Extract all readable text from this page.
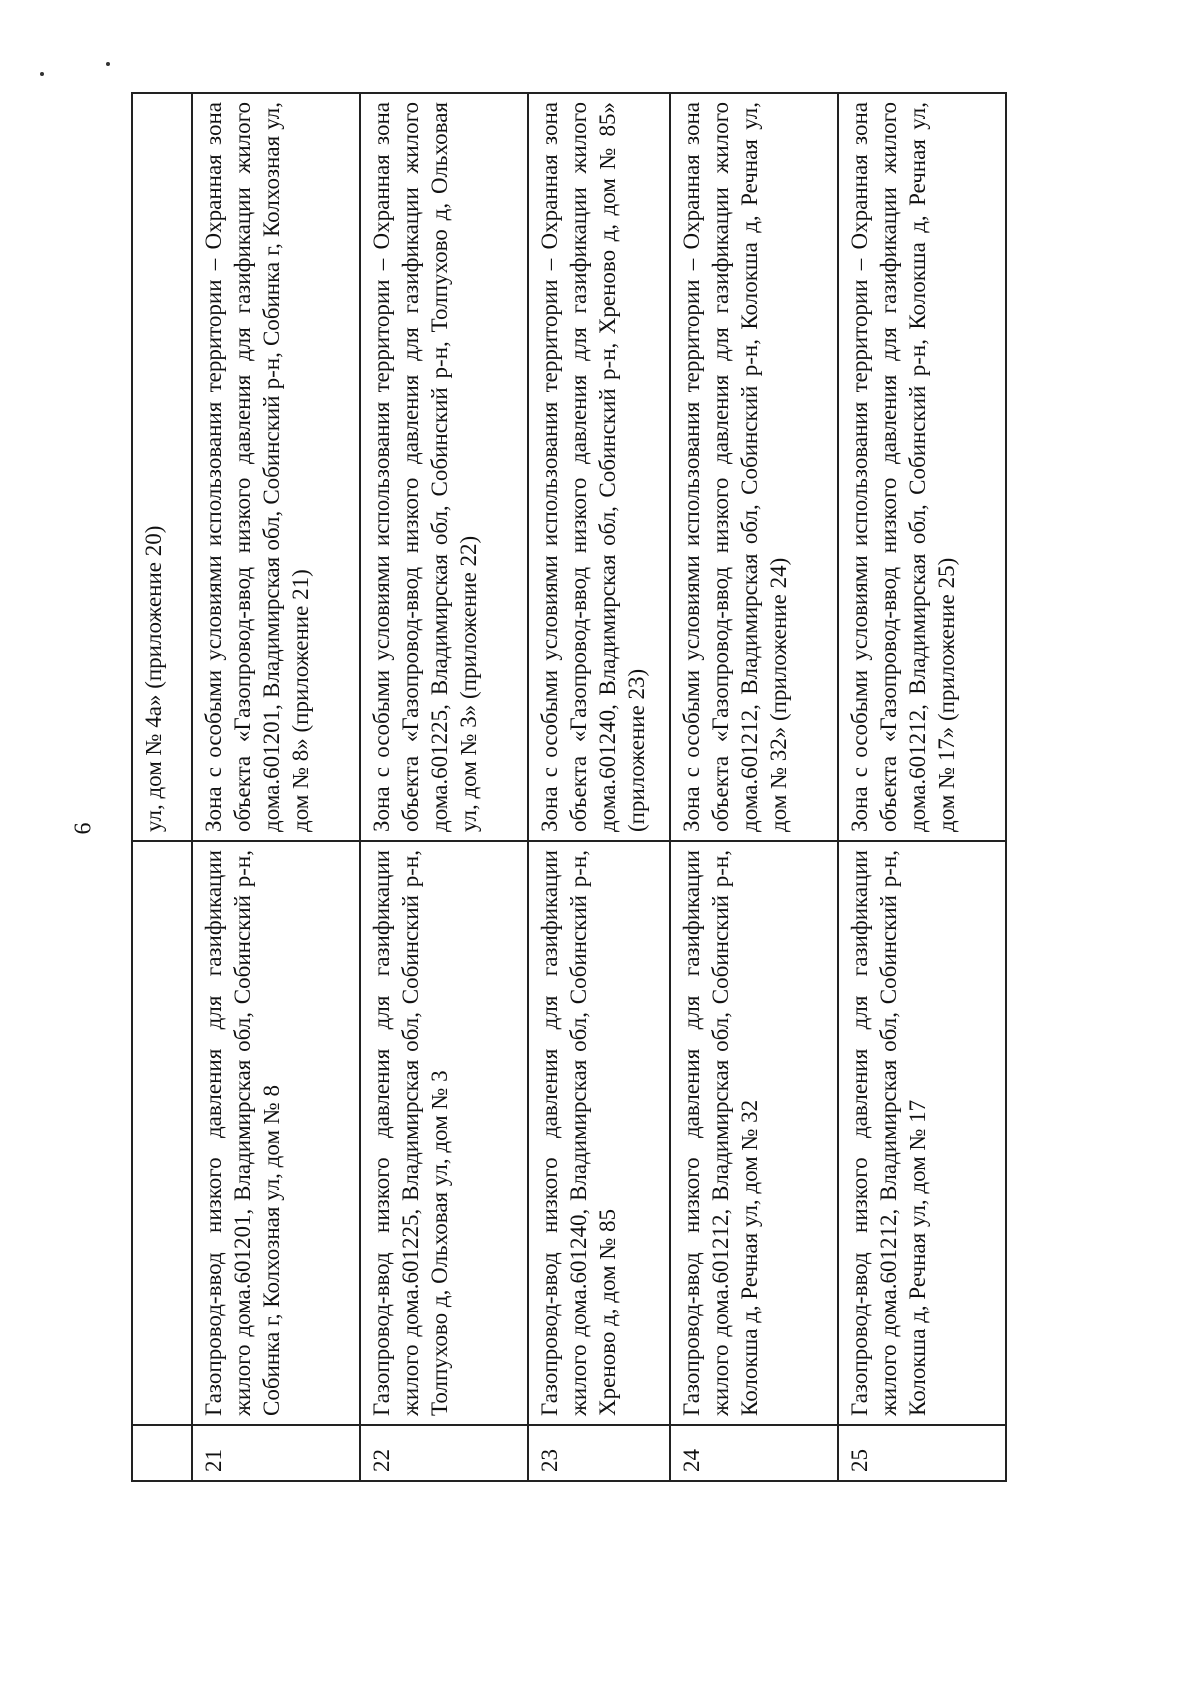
6
		ул, дом № 4а» (приложение 20)
21	Газопровод-ввод низкого давления для газификации жилого дома.601201, Владимирская обл, Собинский р-н, Собинка г, Колхозная ул, дом № 8	Зона с особыми условиями использования территории – Охранная зона объекта «Газопровод-ввод низкого давления для газификации жилого дома.601201, Владимирская обл, Собинский р-н, Собинка г, Колхозная ул, дом № 8» (приложение 21)
22	Газопровод-ввод низкого давления для газификации жилого дома.601225, Владимирская обл, Собинский р-н, Толпухово д, Ольховая ул, дом № 3	Зона с особыми условиями использования территории – Охранная зона объекта «Газопровод-ввод низкого давления для газификации жилого дома.601225, Владимирская обл, Собинский р-н, Толпухово д, Ольховая ул, дом № 3» (приложение 22)
23	Газопровод-ввод низкого давления для газификации жилого дома.601240, Владимирская обл, Собинский р-н, Хреново д, дом № 85	Зона с особыми условиями использования территории – Охранная зона объекта «Газопровод-ввод низкого давления для газификации жилого дома.601240, Владимирская обл, Собинский р-н, Хреново д, дом № 85» (приложение 23)
24	Газопровод-ввод низкого давления для газификации жилого дома.601212, Владимирская обл, Собинский р-н, Колокша д, Речная ул, дом № 32	Зона с особыми условиями использования территории – Охранная зона объекта «Газопровод-ввод низкого давления для газификации жилого дома.601212, Владимирская обл, Собинский р-н, Колокша д, Речная ул, дом № 32» (приложение 24)
25	Газопровод-ввод низкого давления для газификации жилого дома.601212, Владимирская обл, Собинский р-н, Колокша д, Речная ул, дом № 17	Зона с особыми условиями использования территории – Охранная зона объекта «Газопровод-ввод низкого давления для газификации жилого дома.601212, Владимирская обл, Собинский р-н, Колокша д, Речная ул, дом № 17» (приложение 25)
